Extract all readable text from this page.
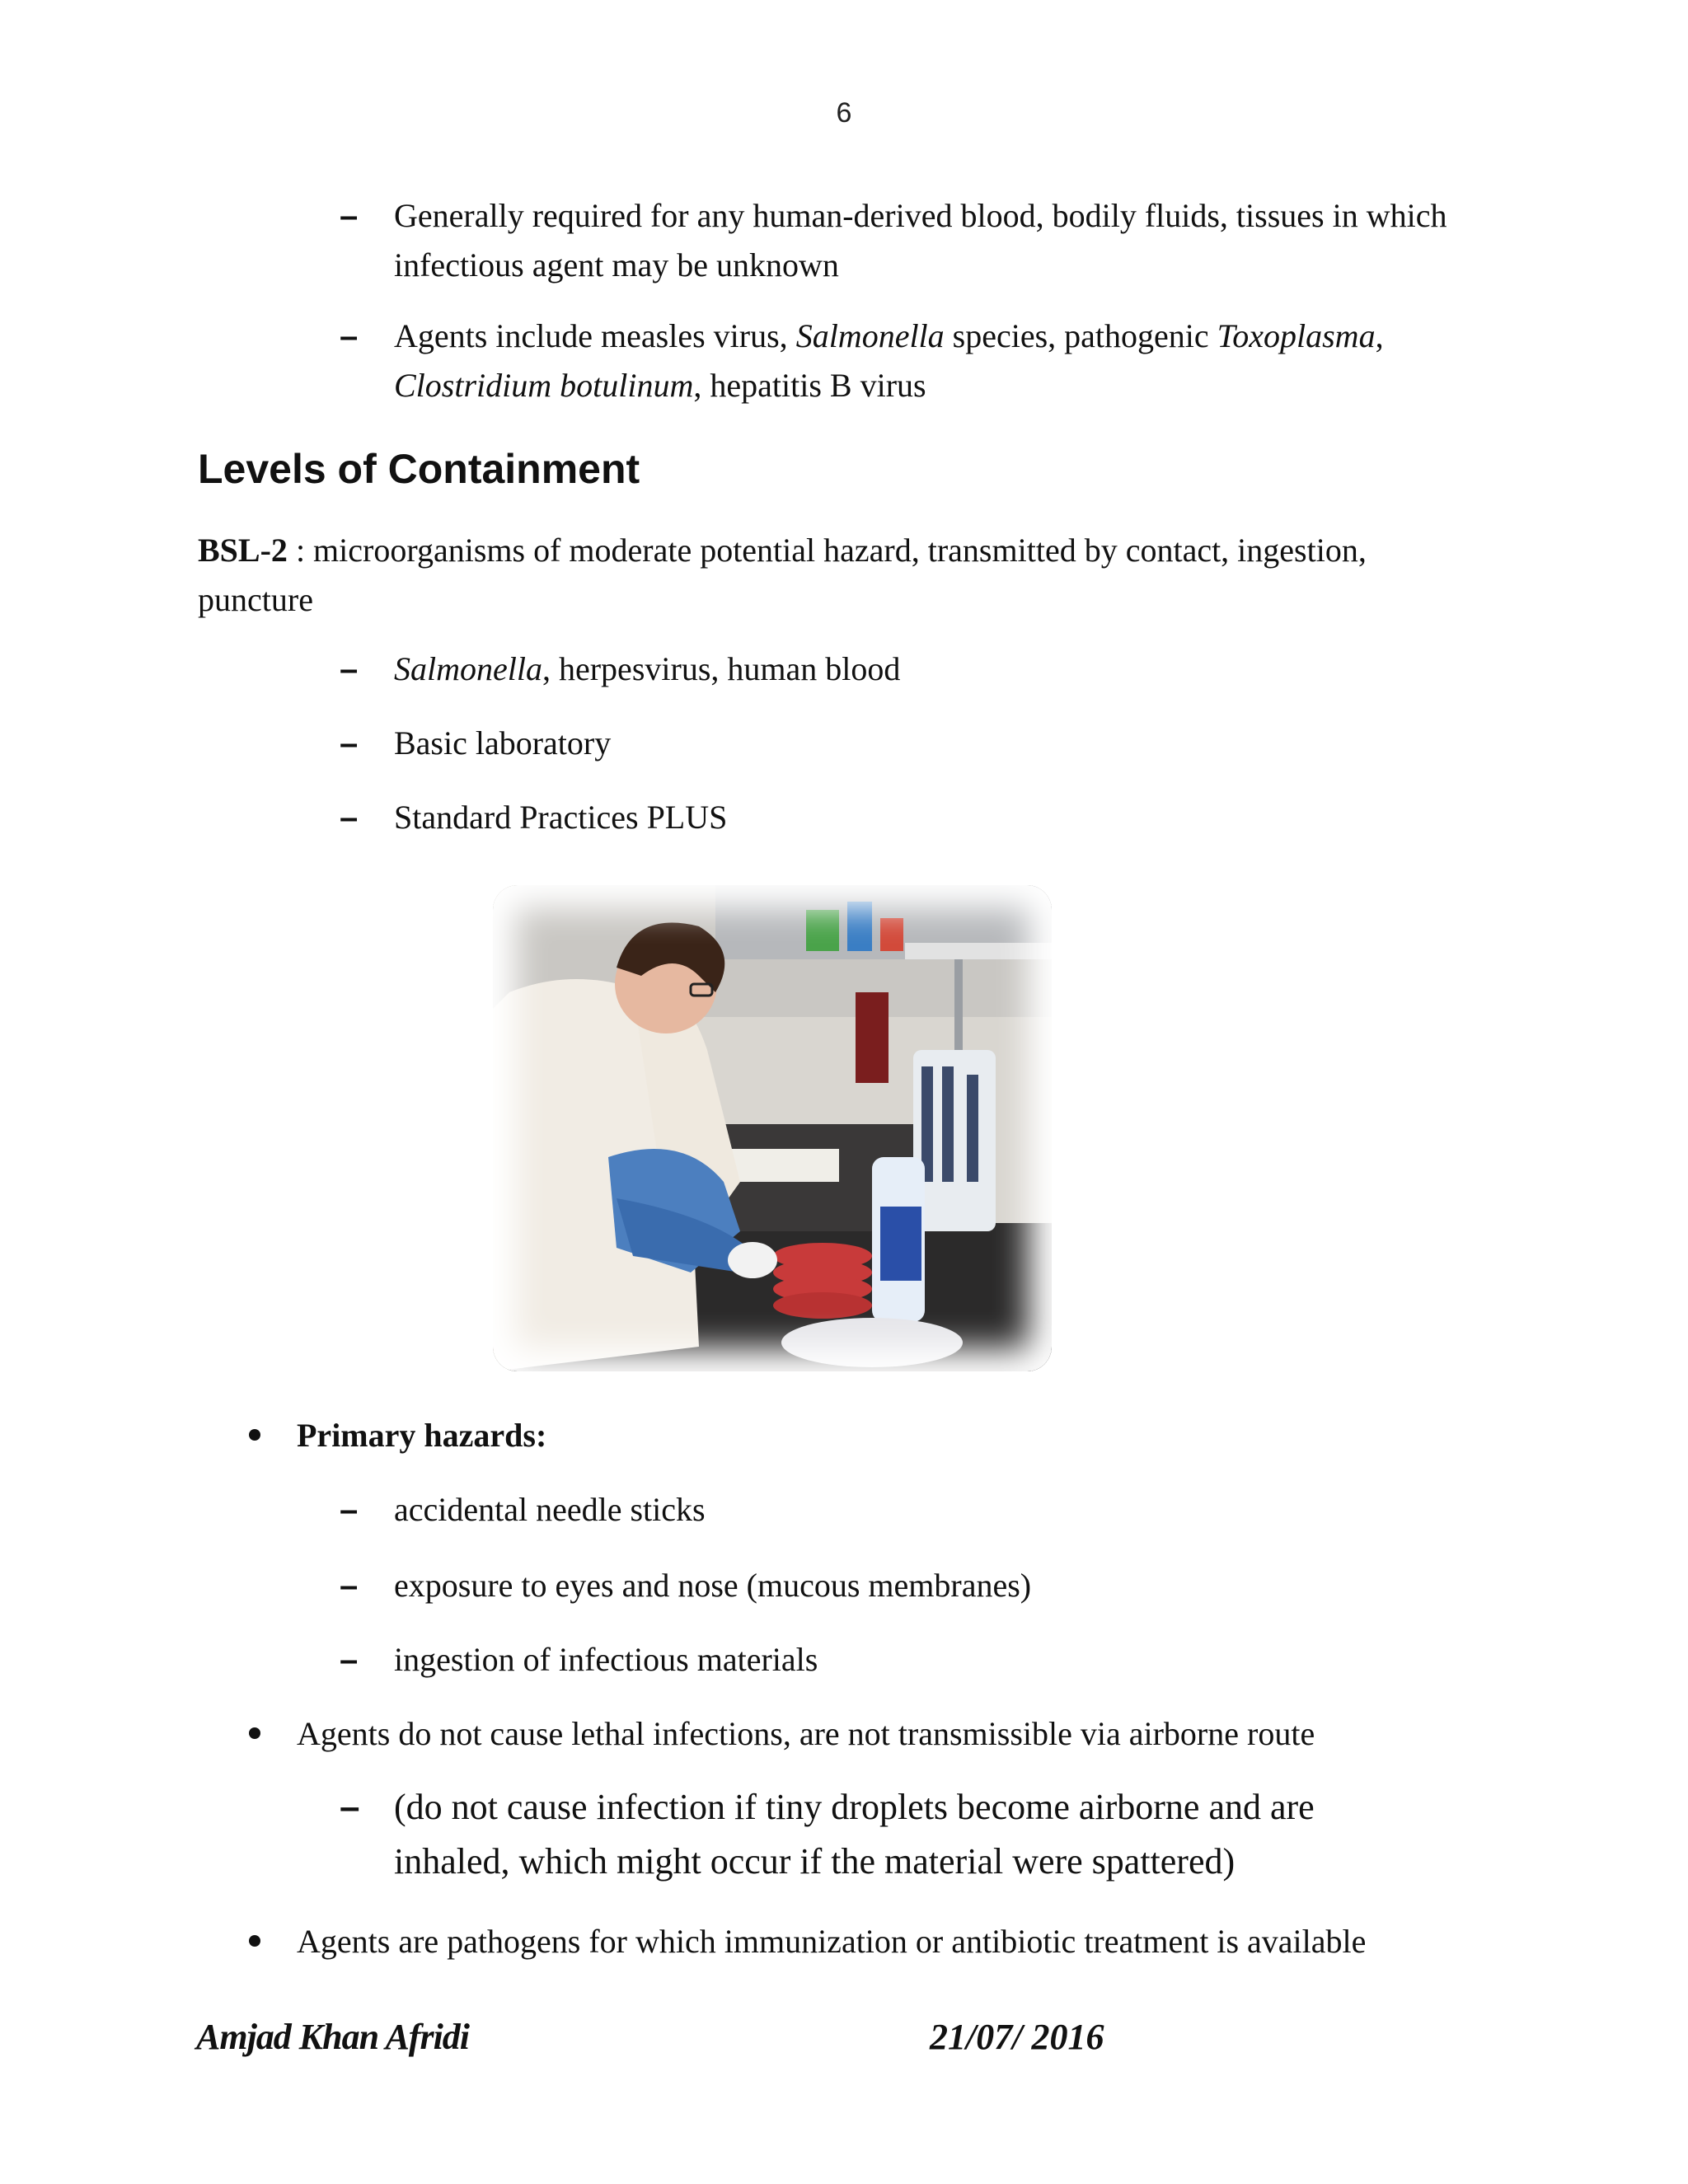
6
– Generally required for any human-derived blood, bodily fluids, tissues in which infectious agent may be unknown
– Agents include measles virus, Salmonella species, pathogenic Toxoplasma, Clostridium botulinum, hepatitis B virus
Levels of Containment
BSL-2 : microorganisms of moderate potential hazard, transmitted by contact, ingestion, puncture
– Salmonella, herpesvirus, human blood
– Basic laboratory
– Standard Practices PLUS
Primary hazards:
– accidental needle sticks
– exposure to eyes and nose (mucous membranes)
– ingestion of infectious materials
Agents do not cause lethal infections, are not transmissible via airborne route
– (do not cause infection if tiny droplets become airborne and are inhaled, which might occur if the material were spattered)
Agents are pathogens for which immunization or antibiotic treatment is available
Amjad Khan Afridi	21/07/ 2016
